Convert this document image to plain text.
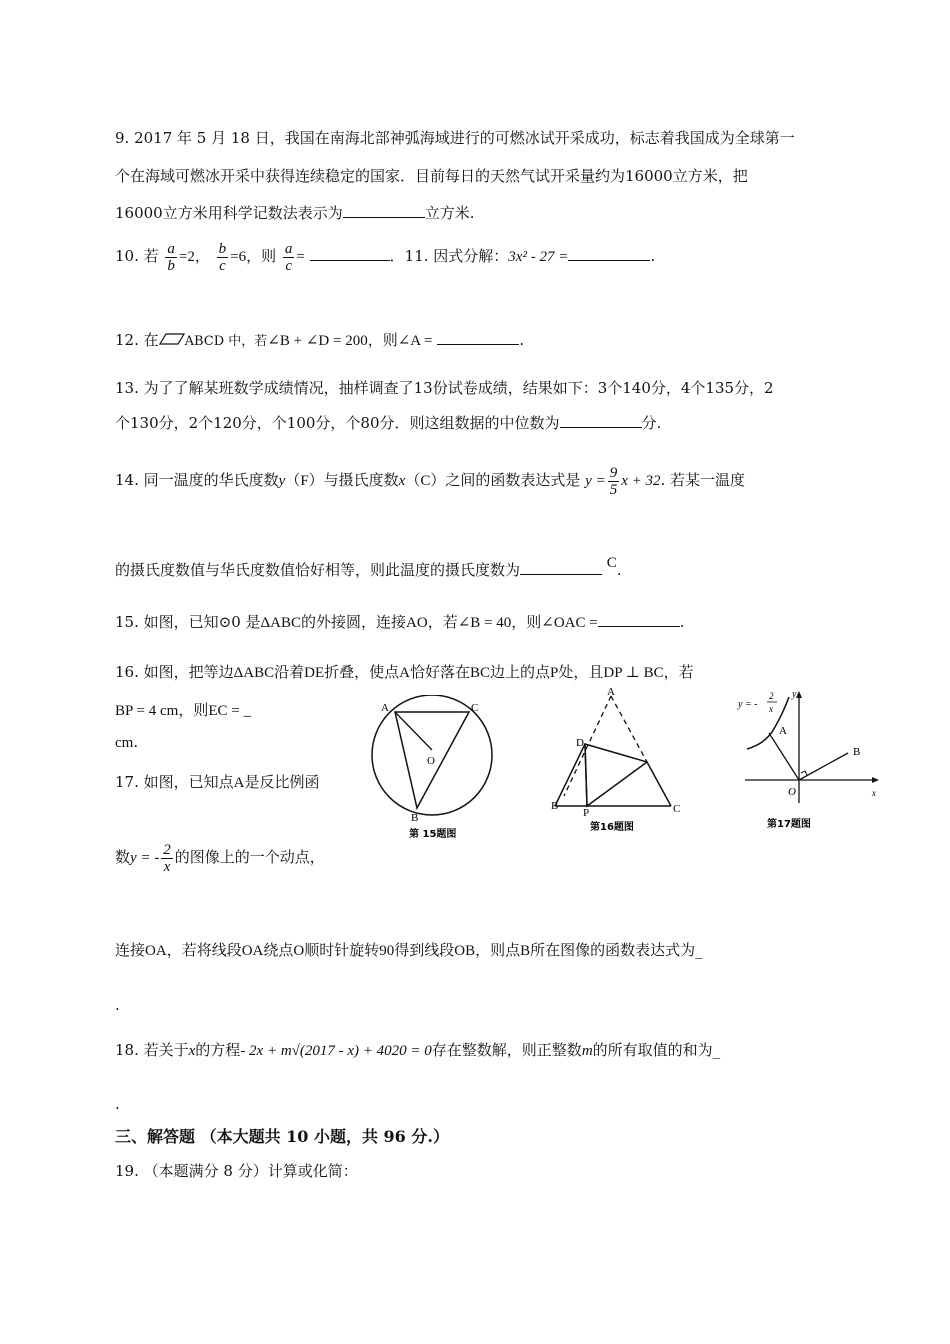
9. 2017 年 5 月 18 日，我国在南海北部神弧海域进行的可燃冰试开采成功，标志着我国成为全球第一
个在海域可燃冰开采中获得连续稳定的国家．目前每日的天然气试开采量约为16000立方米，把
16000立方米用科学记数法表示为	立方米.
10. 若 $\frac{a}{b} =2$， $\frac{b}{c} =6$，则 $\frac{a}{c}$ =	．11. 因式分解：3x² - 27 =	.
12. 在 ABCD 中，若∠B + ∠D = 200，则∠A =	.
13. 为了了解某班数学成绩情况，抽样调查了13份试卷成绩，结果如下：3个140分，4个135分，2
个130分，2个120分，个100分，个80分．则这组数据的中位数为	分.
14. 同一温度的华氏度数y（F）与摄氏度数x（C）之间的函数表达式是 $y = \frac{9}{5}$ x + 32. 若某一温度
的摄氏度数值与华氏度数值恰好相等，则此温度的摄氏度数为	C.
15. 如图，已知⊙0 是ΔABC的外接圆，连接AO，若∠B = 40，则∠OAC =	.
16. 如图，把等边ΔABC沿着DE折叠，使点A恰好落在BC边上的点P处，且DP ⊥ BC，若
BP = 4 cm，则EC = _
cm.
17. 如图，已知点A是反比例函
数y = - $\frac{2}{x}$ 的图像上的一个动点，
连接OA，若将线段OA绕点O顺时针旋转90得到线段OB，则点B所在图像的函数表达式为_
.
18. 若关于x的方程- 2x + m√(2017 - x) + 4020 = 0存在整数解，则正整数m的所有取值的和为_
.
三、解答题 （本大题共 10 小题，共 96 分.）
19. （本题满分 8 分）计算或化简：
A	C
O
B
第 15题图
A
D
B
P	C
第16题图
y = -
2
x
y
A
B
O	x
第17题图
